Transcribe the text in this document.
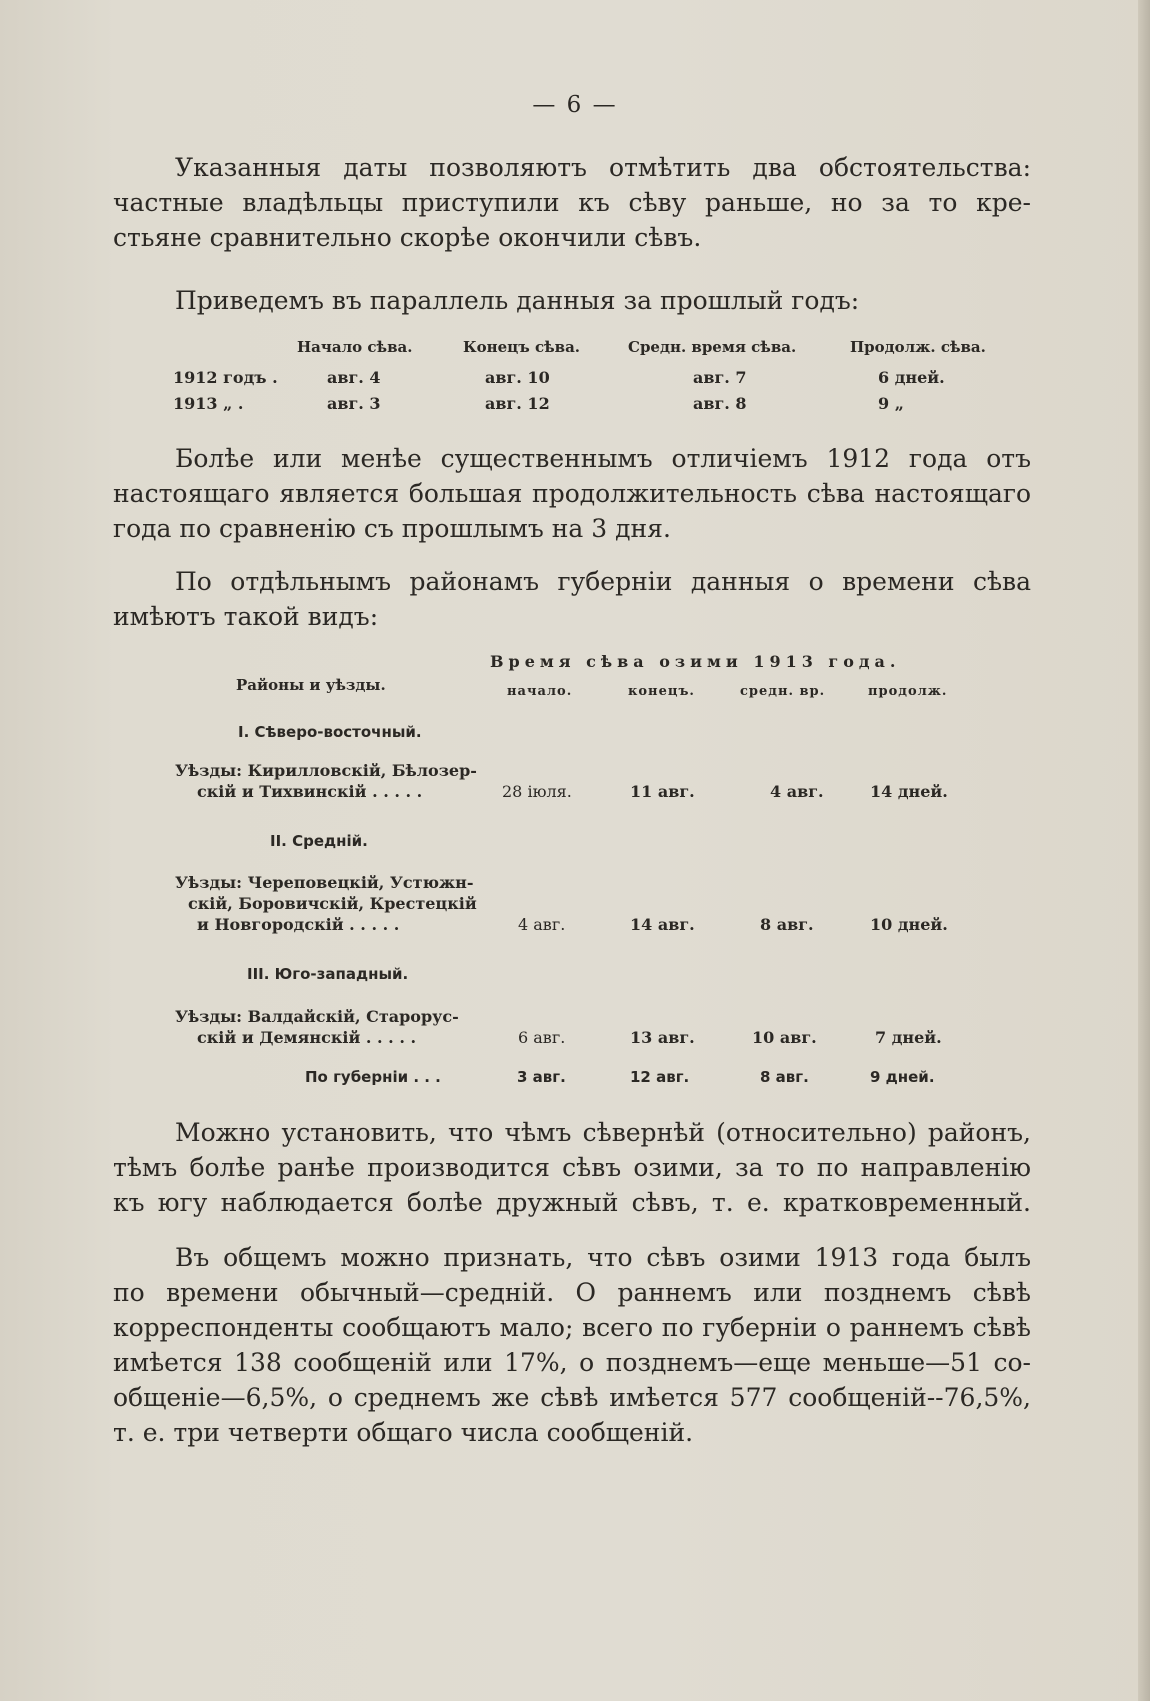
— 6 —
Указанныя даты позволяютъ отмѣтить два обстоятельства:
частные владѣльцы приступили къ сѣву раньше, но за то кре-
стьяне сравнительно скорѣе окончили сѣвъ.
Приведемъ въ параллель данныя за прошлый годъ:
Начало сѣва.	Конецъ сѣва.	Средн. время сѣва.	Продолж. сѣва.
1912 годъ .	авг. 4	авг. 10	авг. 7	6 дней.
1913 „ .	авг. 3	авг. 12	авг. 8	9 „
Болѣе или менѣе существеннымъ отличіемъ 1912 года отъ
настоящаго является большая продолжительность сѣва настоящаго
года по сравненію съ прошлымъ на 3 дня.
По отдѣльнымъ районамъ губерніи данныя о времени сѣва
имѣютъ такой видъ:
Районы и уѣзды.
Время сѣва озими 1913 года.
начало.	конецъ.	средн. вр.	продолж.
I. Сѣверо-восточный.
Уѣзды: Кирилловскій, Бѣлозер-
скій и Тихвинскій . . . . .	28 іюля.	11 авг.	4 авг.	14 дней.
II. Средній.
Уѣзды: Череповецкій, Устюжн-
скій, Боровичскій, Крестецкій
и Новгородскій . . . . .	4 авг.	14 авг.	8 авг.	10 дней.
III. Юго-западный.
Уѣзды: Валдайскій, Старорус-
скій и Демянскій . . . . .	6 авг.	13 авг.	10 авг.	7 дней.
По губерніи . . .	3 авг.	12 авг.	8 авг.	9 дней.
Можно установить, что чѣмъ сѣвернѣй (относительно) районъ,
тѣмъ болѣе ранѣе производится сѣвъ озими, за то по направленію
къ югу наблюдается болѣе дружный сѣвъ, т. е. кратковременный.
Въ общемъ можно признать, что сѣвъ озими 1913 года былъ
по времени обычный—средній. О раннемъ или позднемъ сѣвѣ
корреспонденты сообщаютъ мало; всего по губерніи о раннемъ сѣвѣ
имѣется 138 сообщеній или 17%, о позднемъ—еще меньше—51 со-
общеніе—6,5%, о среднемъ же сѣвѣ имѣется 577 сообщеній--76,5%,
т. е. три четверти общаго числа сообщеній.
